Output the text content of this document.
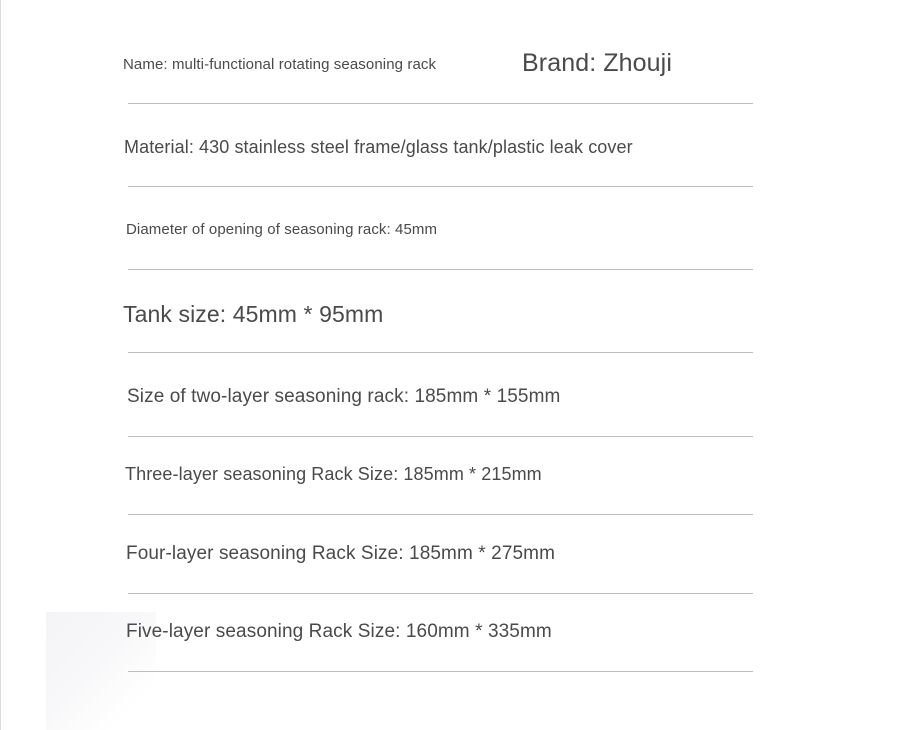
Name: multi-functional rotating seasoning rack	Brand: Zhouji
Material: 430 stainless steel frame/glass tank/plastic leak cover
Diameter of opening of seasoning rack: 45mm
Tank size: 45mm * 95mm
Size of two-layer seasoning rack: 185mm * 155mm
Three-layer seasoning Rack Size: 185mm * 215mm
Four-layer seasoning Rack Size: 185mm * 275mm
Five-layer seasoning Rack Size: 160mm * 335mm
